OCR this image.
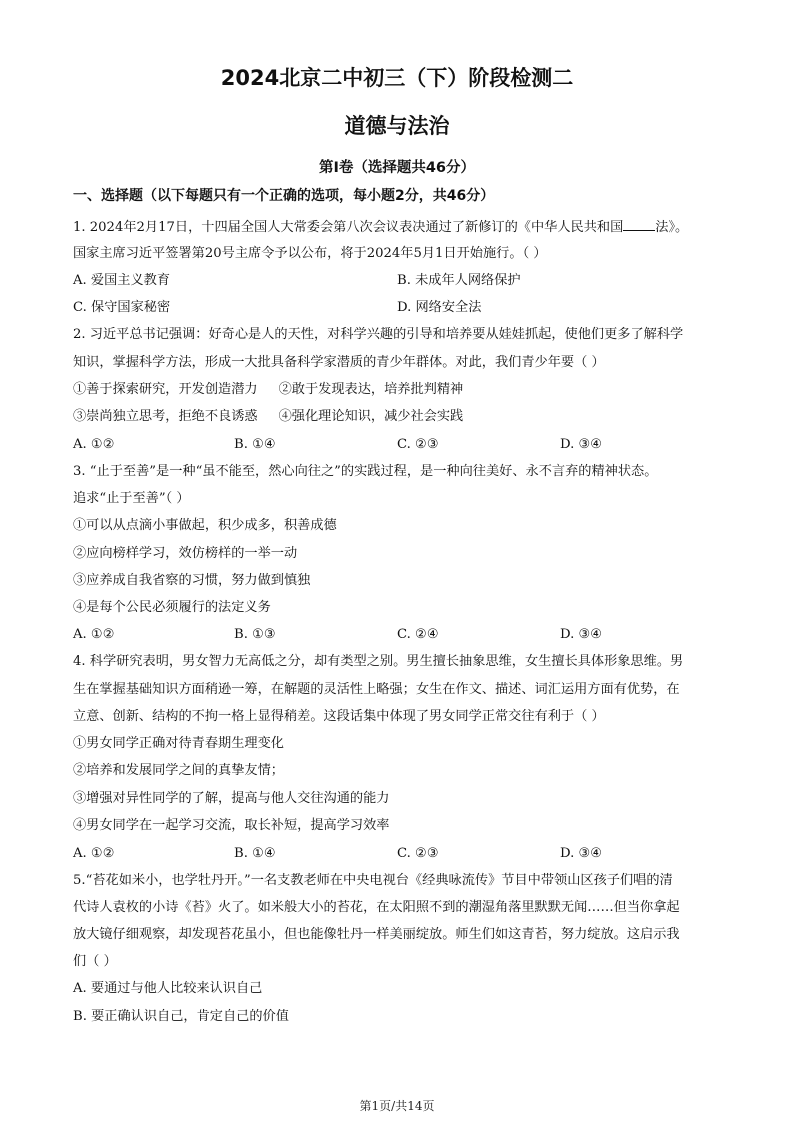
2024北京二中初三（下）阶段检测二
道德与法治
第Ⅰ卷（选择题共46分）
一、选择题（以下每题只有一个正确的选项，每小题2分，共46分）
1. 2024年2月17日，十四届全国人大常委会第八次会议表决通过了新修订的《中华人民共和国 法》。
国家主席习近平签署第20号主席令予以公布，将于2024年5月1日开始施行。（ ）
A. 爱国主义教育	B. 未成年人网络保护
C. 保守国家秘密	D. 网络安全法
2. 习近平总书记强调：好奇心是人的天性，对科学兴趣的引导和培养要从娃娃抓起，使他们更多了解科学
知识，掌握科学方法，形成一大批具备科学家潜质的青少年群体。对此，我们青少年要（ ）
①善于探索研究，开发创造潜力     ②敢于发现表达，培养批判精神
③崇尚独立思考，拒绝不良诱惑     ④强化理论知识，减少社会实践
A. ①②	B. ①④	C. ②③	D. ③④
3. “止于至善”是一种“虽不能至，然心向往之”的实践过程，是一种向往美好、永不言弃的精神状态。
追求“止于至善”（ ）
①可以从点滴小事做起，积少成多，积善成德
②应向榜样学习，效仿榜样的一举一动
③应养成自我省察的习惯，努力做到慎独
④是每个公民必须履行的法定义务
A. ①②	B. ①③	C. ②④	D. ③④
4. 科学研究表明，男女智力无高低之分，却有类型之别。男生擅长抽象思维，女生擅长具体形象思维。男
生在掌握基础知识方面稍逊一筹，在解题的灵活性上略强；女生在作文、描述、词汇运用方面有优势，在
立意、创新、结构的不拘一格上显得稍差。这段话集中体现了男女同学正常交往有利于（ ）
①男女同学正确对待青春期生理变化
②培养和发展同学之间的真挚友情；
③增强对异性同学的了解，提高与他人交往沟通的能力
④男女同学在一起学习交流，取长补短，提高学习效率
A. ①②	B. ①④	C. ②③	D. ③④
5.“苔花如米小，也学牡丹开。”一名支教老师在中央电视台《经典咏流传》节目中带领山区孩子们唱的清
代诗人袁枚的小诗《苔》火了。如米般大小的苔花，在太阳照不到的潮湿角落里默默无闻……但当你拿起
放大镜仔细观察，却发现苔花虽小，但也能像牡丹一样美丽绽放。师生们如这青苔，努力绽放。这启示我
们（ ）
A. 要通过与他人比较来认识自己
B. 要正确认识自己，肯定自己的价值
第1页/共14页
